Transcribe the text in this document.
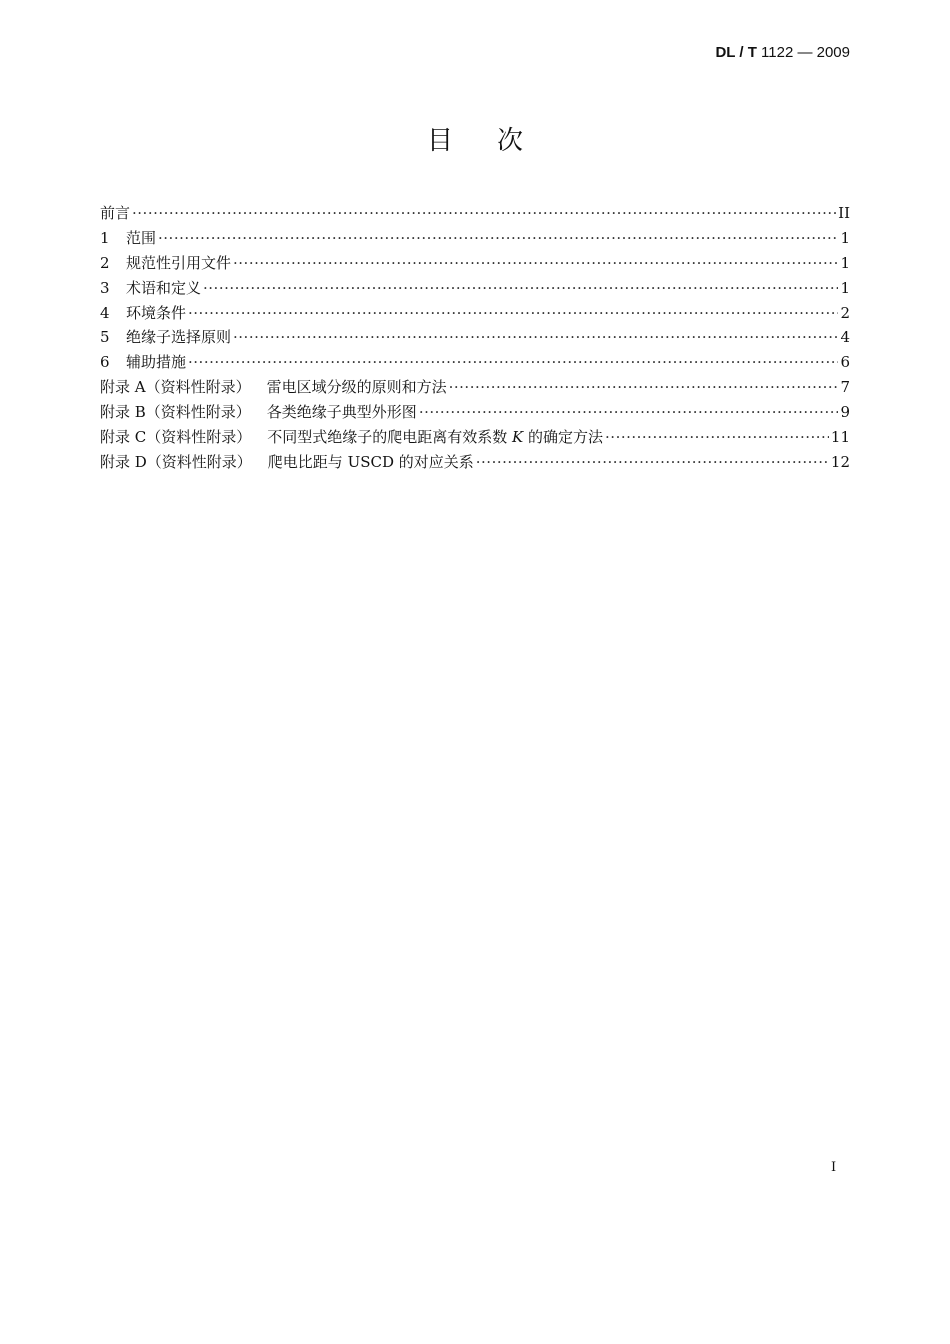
DL / T 1122 — 2009
目次
前言 ·····	II
1	范围 ·····	1
2	规范性引用文件 ·····	1
3	术语和定义 ·····	1
4	环境条件 ·····	2
5	绝缘子选择原则 ·····	4
6	辅助措施 ·····	6
附录 A（资料性附录） 雷电区域分级的原则和方法 ·····	7
附录 B（资料性附录） 各类绝缘子典型外形图 ·····	9
附录 C（资料性附录） 不同型式绝缘子的爬电距离有效系数 K 的确定方法 ·····	11
附录 D（资料性附录） 爬电比距与 USCD 的对应关系 ·····	12
I
